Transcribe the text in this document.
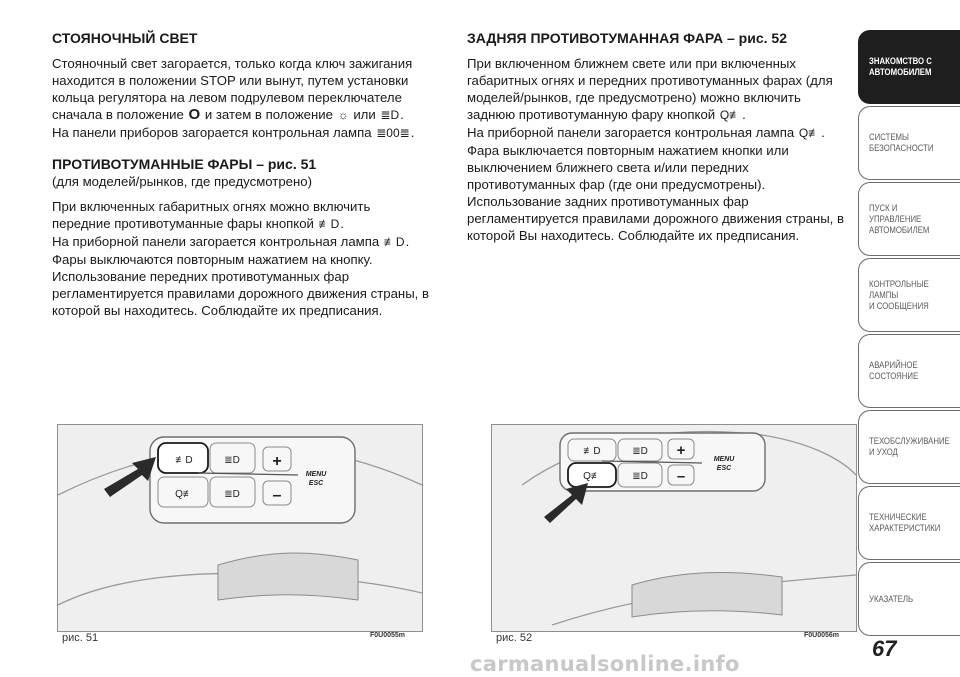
СТОЯНОЧНЫЙ СВЕТ

Стояночный свет загорается, только когда ключ зажигания находится в положении STOP или вынут, путем установки кольца регулятора на левом подрулевом переключателе сначала в положение O и затем в положение ☼ или ≣D.

На панели приборов загорается контрольная лампа ≣00≣.

ПРОТИВОТУМАННЫЕ ФАРЫ – рис. 51

(для моделей/рынков, где предусмотрено)

При включенных габаритных огнях можно включить передние противотуманные фары кнопкой ≢D.

На приборной панели загорается контрольная лампа ≢D.

Фары выключаются повторным нажатием на кнопку. Использование передних противотуманных фар регламентируется правилами дорожного движения страны, в которой вы находитесь. Соблюдайте их предписания.

ЗАДНЯЯ ПРОТИВОТУМАННАЯ ФАРА – рис. 52

При включенном ближнем свете или при включенных габаритных огнях и передних противотуманных фарах (для моделей/рынков, где предусмотрено) можно включить заднюю противотуманную фару кнопкой Q≢.

На приборной панели загорается контрольная лампа Q≢.

Фара выключается повторным нажатием кнопки или выключением ближнего света и/или передних противотуманных фар (где они предусмотрены). Использование задних противотуманных фар регламентируется правилами дорожного движения страны, в которой Вы находитесь. Соблюдайте их предписания.

≢D	≣D
Q≢	≣D
+
–
MENU
ESC
рис. 51	F0U0055m
≢D	≣D
Q≢	≣D
+
–
MENU
ESC
рис. 52	F0U0056m
ЗНАКОМСТВО С
АВТОМОБИЛЕМ
СИСТЕМЫ
БЕЗОПАСНОСТИ
ПУСК И УПРАВЛЕНИЕ
АВТОМОБИЛЕМ
КОНТРОЛЬНЫЕ
ЛАМПЫ
И СООБЩЕНИЯ
АВАРИЙНОЕ
СОСТОЯНИЕ
ТЕХОБСЛУЖИВАНИЕ
И УХОД
ТЕХНИЧЕСКИЕ
ХАРАКТЕРИСТИКИ
УКАЗАТЕЛЬ
67
carmanualsonline.info
